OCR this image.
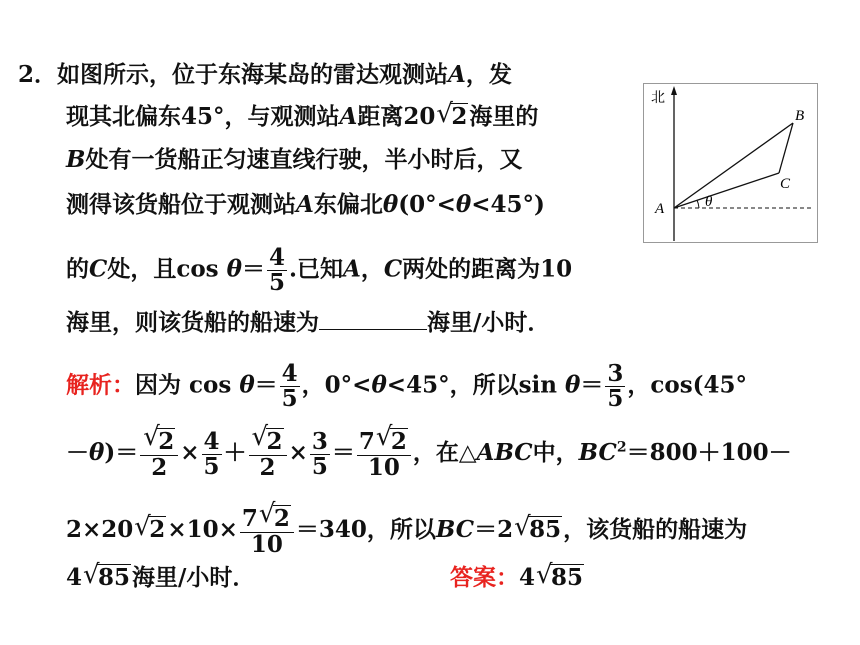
2．如图所示，位于东海某岛的雷达观测站A，发
现其北偏东45°，与观测站A距离20 √ 2海里的
B处有一货船正匀速直线行驶，半小时后，又
测得该货船位于观测站A东偏北θ(0°<θ<45°)
的C处，且$\cos \theta= \frac{4}{5}$ .已知A，C两处的距离为10
海里，则该货船的船速为	海里/小时．
解析：因为 $\cos \theta= \frac{4}{5}$ ，0°<θ<45°，所以$\sin \theta= \frac{3}{5}$ ，cos(45°
－θ)＝ √ $\frac{2}{2} \times \frac{4}{5}$ ＋ √ $\frac{2}{2} \times \frac{3}{5} = \frac{7 √ 2}{10}$ ，在△ABC中，$BC^2=800+100-$
2×20 √ $2\times 10\times \frac{7 √ 2}{10} =340$，所以BC＝2 √ 85，该货船的船速为
4 √ 85海里/小时．	答案：4 √ 85
北
A
B
C
θ
